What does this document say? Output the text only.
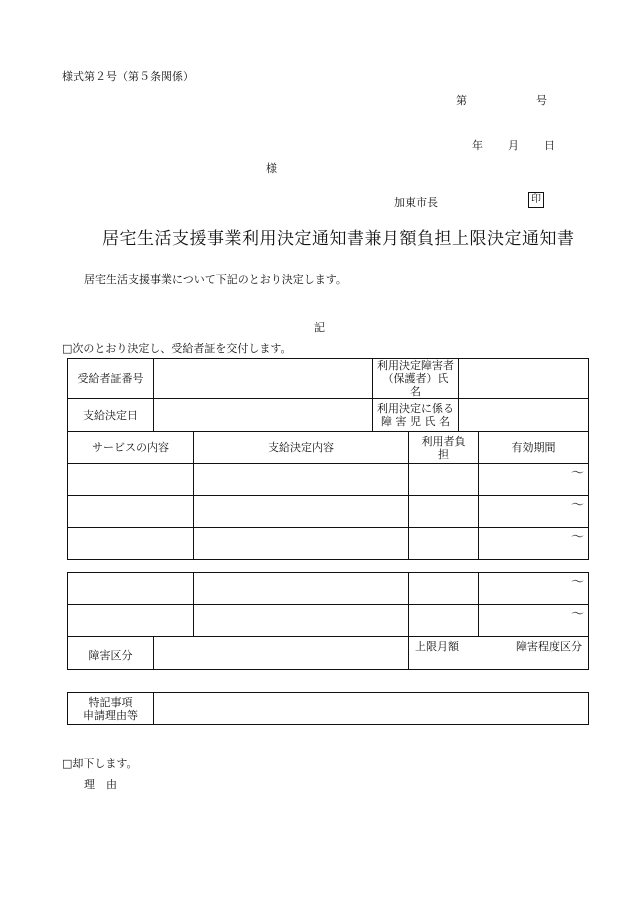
様式第２号（第５条関係）
第	号
年 月 日
様
加東市長	印
居宅生活支援事業利用決定通知書兼月額負担上限決定通知書
居宅生活支援事業について下記のとおり決定します。
記
□次のとおり決定し、受給者証を交付します。
受給者証番号			利用決定障害者
（保護者）氏　名			

支給決定日			利用決定に係る
障 害 児 氏 名			

サービスの内容		支給決定内容		利用者負
担		有効期間
						～
						～
						～
				～
				～
障害区分			上限月額 障害程度区分	
特記事項
申請理由等

□却下します。
理　由
